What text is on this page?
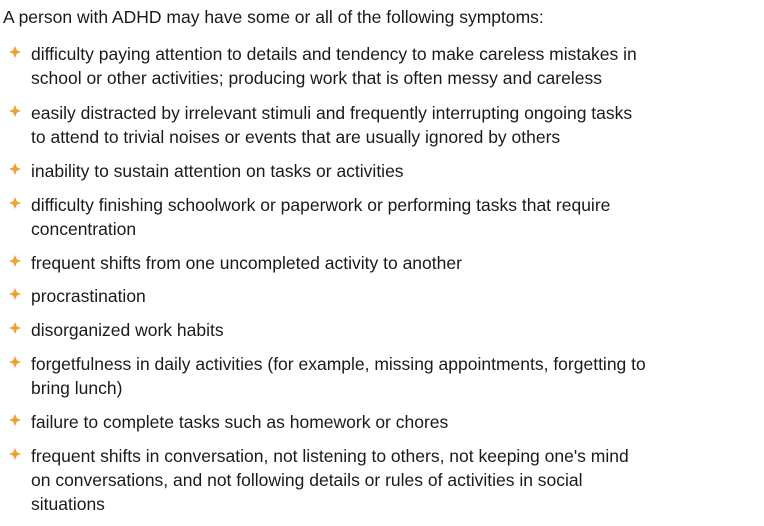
A person with ADHD may have some or all of the following symptoms:

difficulty paying attention to details and tendency to make careless mistakes in
school or other activities; producing work that is often messy and careless
easily distracted by irrelevant stimuli and frequently interrupting ongoing tasks
to attend to trivial noises or events that are usually ignored by others
inability to sustain attention on tasks or activities
difficulty finishing schoolwork or paperwork or performing tasks that require
concentration
frequent shifts from one uncompleted activity to another
procrastination
disorganized work habits
forgetfulness in daily activities (for example, missing appointments, forgetting to
bring lunch)
failure to complete tasks such as homework or chores
frequent shifts in conversation, not listening to others, not keeping one's mind
on conversations, and not following details or rules of activities in social
situations
